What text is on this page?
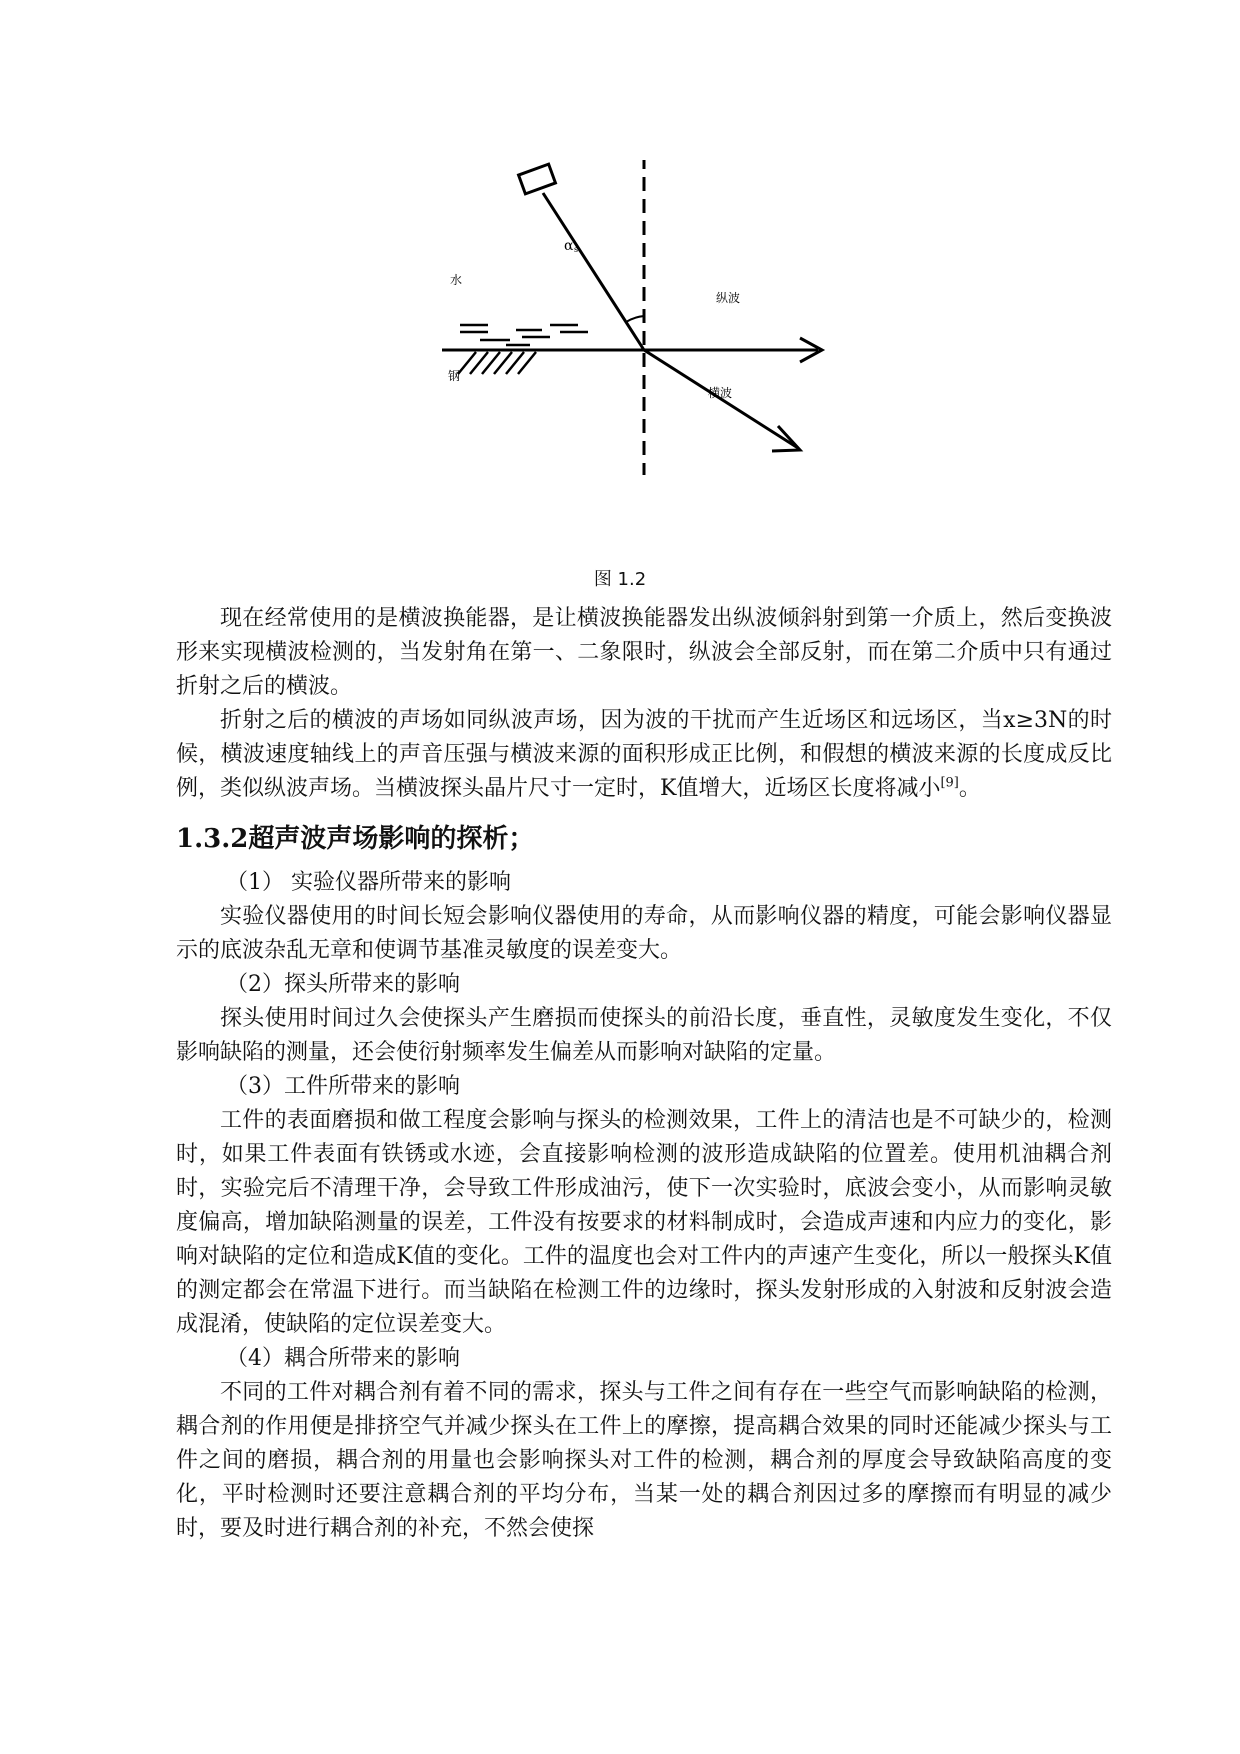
水
钢
α s
纵波
横波
图 1.2

现在经常使用的是横波换能器，是让横波换能器发出纵波倾斜射到第一介质上，然后变换波形来实现横波检测的，当发射角在第一、二象限时，纵波会全部反射，而在第二介质中只有通过折射之后的横波。

折射之后的横波的声场如同纵波声场，因为波的干扰而产生近场区和远场区，当x≥3N的时候，横波速度轴线上的声音压强与横波来源的面积形成正比例，和假想的横波来源的长度成反比例，类似纵波声场。当横波探头晶片尺寸一定时，K值增大，近场区长度将减小[9]。

1.3.2超声波声场影响的探析；

（1） 实验仪器所带来的影响

实验仪器使用的时间长短会影响仪器使用的寿命，从而影响仪器的精度，可能会影响仪器显示的底波杂乱无章和使调节基准灵敏度的误差变大。

（2）探头所带来的影响

探头使用时间过久会使探头产生磨损而使探头的前沿长度，垂直性，灵敏度发生变化，不仅影响缺陷的测量，还会使衍射频率发生偏差从而影响对缺陷的定量。

（3）工件所带来的影响

工件的表面磨损和做工程度会影响与探头的检测效果，工件上的清洁也是不可缺少的，检测时，如果工件表面有铁锈或水迹，会直接影响检测的波形造成缺陷的位置差。使用机油耦合剂时，实验完后不清理干净，会导致工件形成油污，使下一次实验时，底波会变小，从而影响灵敏度偏高，增加缺陷测量的误差，工件没有按要求的材料制成时，会造成声速和内应力的变化，影响对缺陷的定位和造成K值的变化。工件的温度也会对工件内的声速产生变化，所以一般探头K值的测定都会在常温下进行。而当缺陷在检测工件的边缘时，探头发射形成的入射波和反射波会造成混淆，使缺陷的定位误差变大。

（4）耦合所带来的影响

不同的工件对耦合剂有着不同的需求，探头与工件之间有存在一些空气而影响缺陷的检测，耦合剂的作用便是排挤空气并减少探头在工件上的摩擦，提高耦合效果的同时还能减少探头与工件之间的磨损，耦合剂的用量也会影响探头对工件的检测，耦合剂的厚度会导致缺陷高度的变化，平时检测时还要注意耦合剂的平均分布，当某一处的耦合剂因过多的摩擦而有明显的减少时，要及时进行耦合剂的补充，不然会使探
